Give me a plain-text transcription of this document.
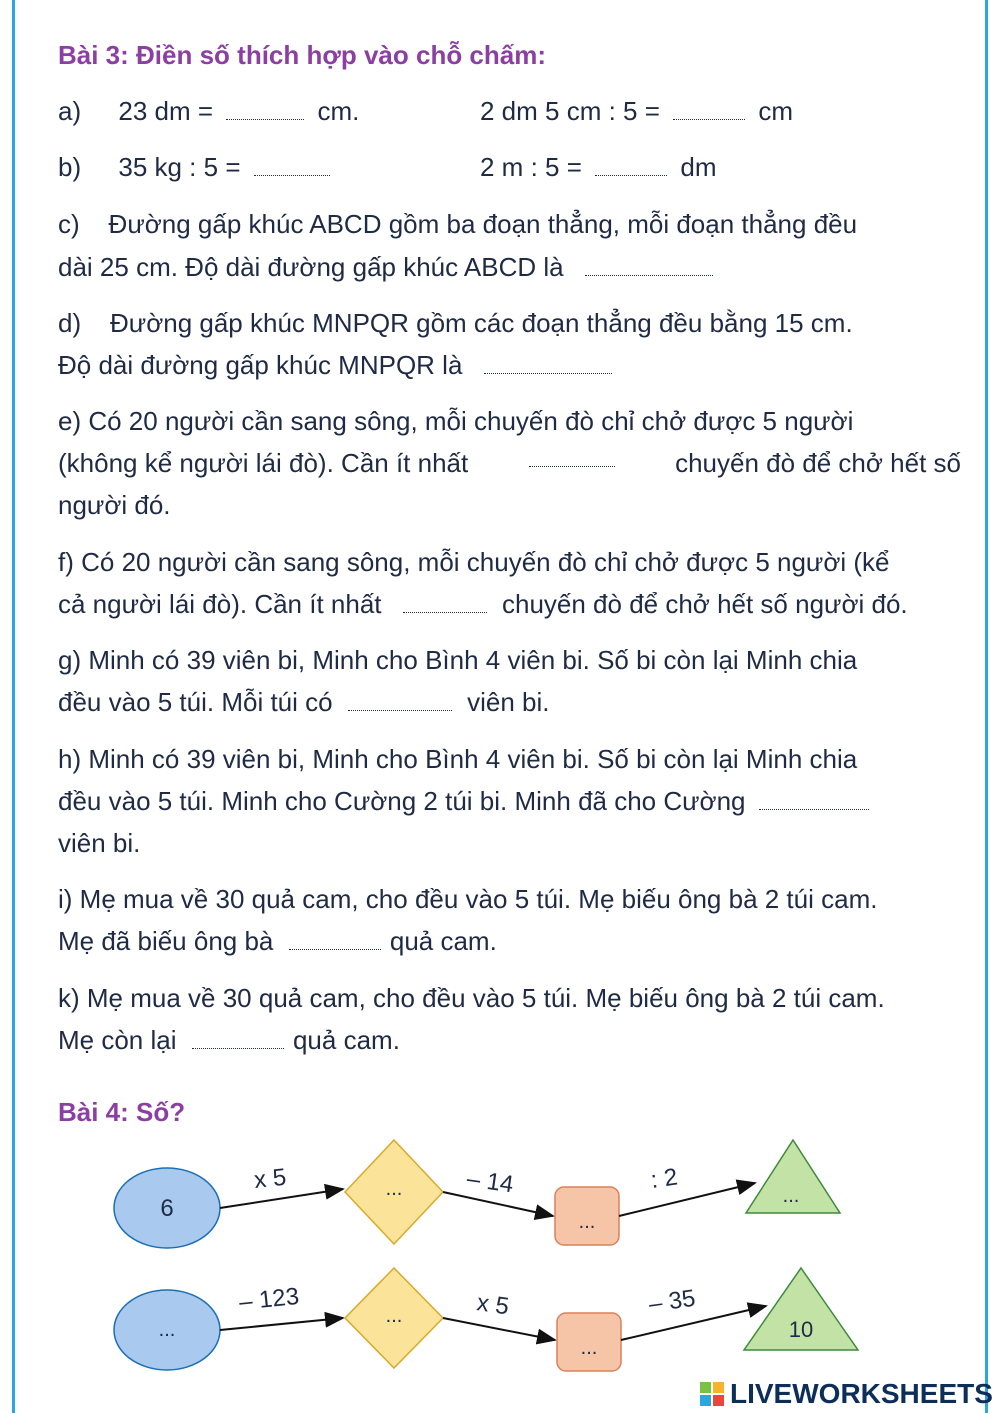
Bài 3: Điền số thích hợp vào chỗ chấm:
a) 23 dm =	cm.	2 dm 5 cm : 5 =	cm
b) 35 kg : 5 =	2 m : 5 =	dm
c)    Đường gấp khúc ABCD gồm ba đoạn thẳng, mỗi đoạn thẳng đều
dài 25 cm. Độ dài đường gấp khúc ABCD là
d)    Đường gấp khúc MNPQR gồm các đoạn thẳng đều bằng 15 cm.
Độ dài đường gấp khúc MNPQR là
e) Có 20 người cần sang sông, mỗi chuyến đò chỉ chở được 5 người
(không kể người lái đò). Cần ít nhất	chuyến đò để chở hết số
người đó.
f) Có 20 người cần sang sông, mỗi chuyến đò chỉ chở được 5 người (kể
cả người lái đò). Cần ít nhất	chuyến đò để chở hết số người đó.
g) Minh có 39 viên bi, Minh cho Bình 4 viên bi. Số bi còn lại Minh chia
đều vào 5 túi. Mỗi túi có	viên bi.
h) Minh có 39 viên bi, Minh cho Bình 4 viên bi. Số bi còn lại Minh chia
đều vào 5 túi. Minh cho Cường 2 túi bi. Minh đã cho Cường
viên bi.
i) Mẹ mua về 30 quả cam, cho đều vào 5 túi. Mẹ biếu ông bà 2 túi cam.
Mẹ đã biếu ông bà	quả cam.
k) Mẹ mua về 30 quả cam, cho đều vào 5 túi. Mẹ biếu ông bà 2 túi cam.
Mẹ còn lại	quả cam.
Bài 4: Số?
6
x 5	...	– 14
...
: 2
...
...
– 123
...	x 5
...
– 35
10
LIVEWORKSHEETS
